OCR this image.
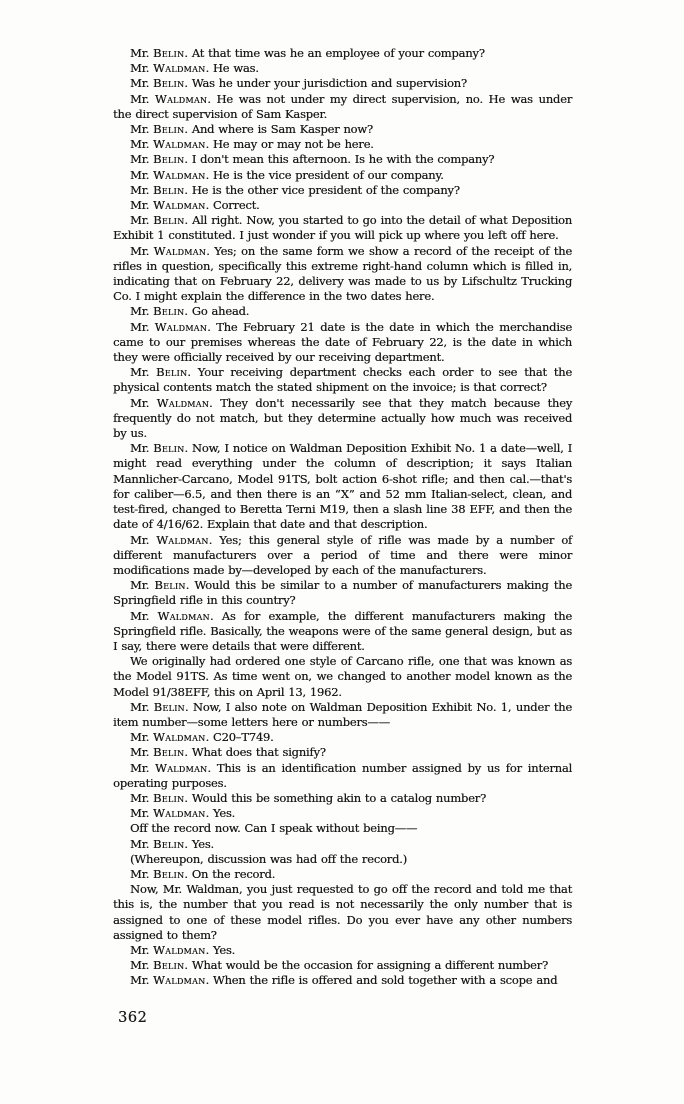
Mr. Belin. At that time was he an employee of your company?

Mr. Waldman. He was.

Mr. Belin. Was he under your jurisdiction and supervision?

Mr. Waldman. He was not under my direct supervision, no. He was under the direct supervision of Sam Kasper.

Mr. Belin. And where is Sam Kasper now?

Mr. Waldman. He may or may not be here.

Mr. Belin. I don't mean this afternoon. Is he with the company?

Mr. Waldman. He is the vice president of our company.

Mr. Belin. He is the other vice president of the company?

Mr. Waldman. Correct.

Mr. Belin. All right. Now, you started to go into the detail of what Deposition Exhibit 1 constituted. I just wonder if you will pick up where you left off here.

Mr. Waldman. Yes; on the same form we show a record of the receipt of the rifles in question, specifically this extreme right-hand column which is filled in, indicating that on February 22, delivery was made to us by Lifschultz Trucking Co. I might explain the difference in the two dates here.

Mr. Belin. Go ahead.

Mr. Waldman. The February 21 date is the date in which the merchandise came to our premises whereas the date of February 22, is the date in which they were officially received by our receiving department.

Mr. Belin. Your receiving department checks each order to see that the physical contents match the stated shipment on the invoice; is that correct?

Mr. Waldman. They don't necessarily see that they match because they frequently do not match, but they determine actually how much was received by us.

Mr. Belin. Now, I notice on Waldman Deposition Exhibit No. 1 a date—well, I might read everything under the column of description; it says Italian Mannlicher-Carcano, Model 91TS, bolt action 6-shot rifle; and then cal.—that's for caliber—6.5, and then there is an “X” and 52 mm Italian-select, clean, and test-fired, changed to Beretta Terni M19, then a slash line 38 EFF, and then the date of 4/16/62. Explain that date and that description.

Mr. Waldman. Yes; this general style of rifle was made by a number of different manufacturers over a period of time and there were minor modifications made by—developed by each of the manufacturers.

Mr. Belin. Would this be similar to a number of manufacturers making the Springfield rifle in this country?

Mr. Waldman. As for example, the different manufacturers making the Springfield rifle. Basically, the weapons were of the same general design, but as I say, there were details that were different.

We originally had ordered one style of Carcano rifle, one that was known as the Model 91TS. As time went on, we changed to another model known as the Model 91/38EFF, this on April 13, 1962.

Mr. Belin. Now, I also note on Waldman Deposition Exhibit No. 1, under the item number—some letters here or numbers——

Mr. Waldman. C20–T749.

Mr. Belin. What does that signify?

Mr. Waldman. This is an identification number assigned by us for internal operating purposes.

Mr. Belin. Would this be something akin to a catalog number?

Mr. Waldman. Yes.

Off the record now. Can I speak without being——

Mr. Belin. Yes.

(Whereupon, discussion was had off the record.)

Mr. Belin. On the record.

Now, Mr. Waldman, you just requested to go off the record and told me that this is, the number that you read is not necessarily the only number that is assigned to one of these model rifles. Do you ever have any other numbers assigned to them?

Mr. Waldman. Yes.

Mr. Belin. What would be the occasion for assigning a different number?

Mr. Waldman. When the rifle is offered and sold together with a scope and

362
